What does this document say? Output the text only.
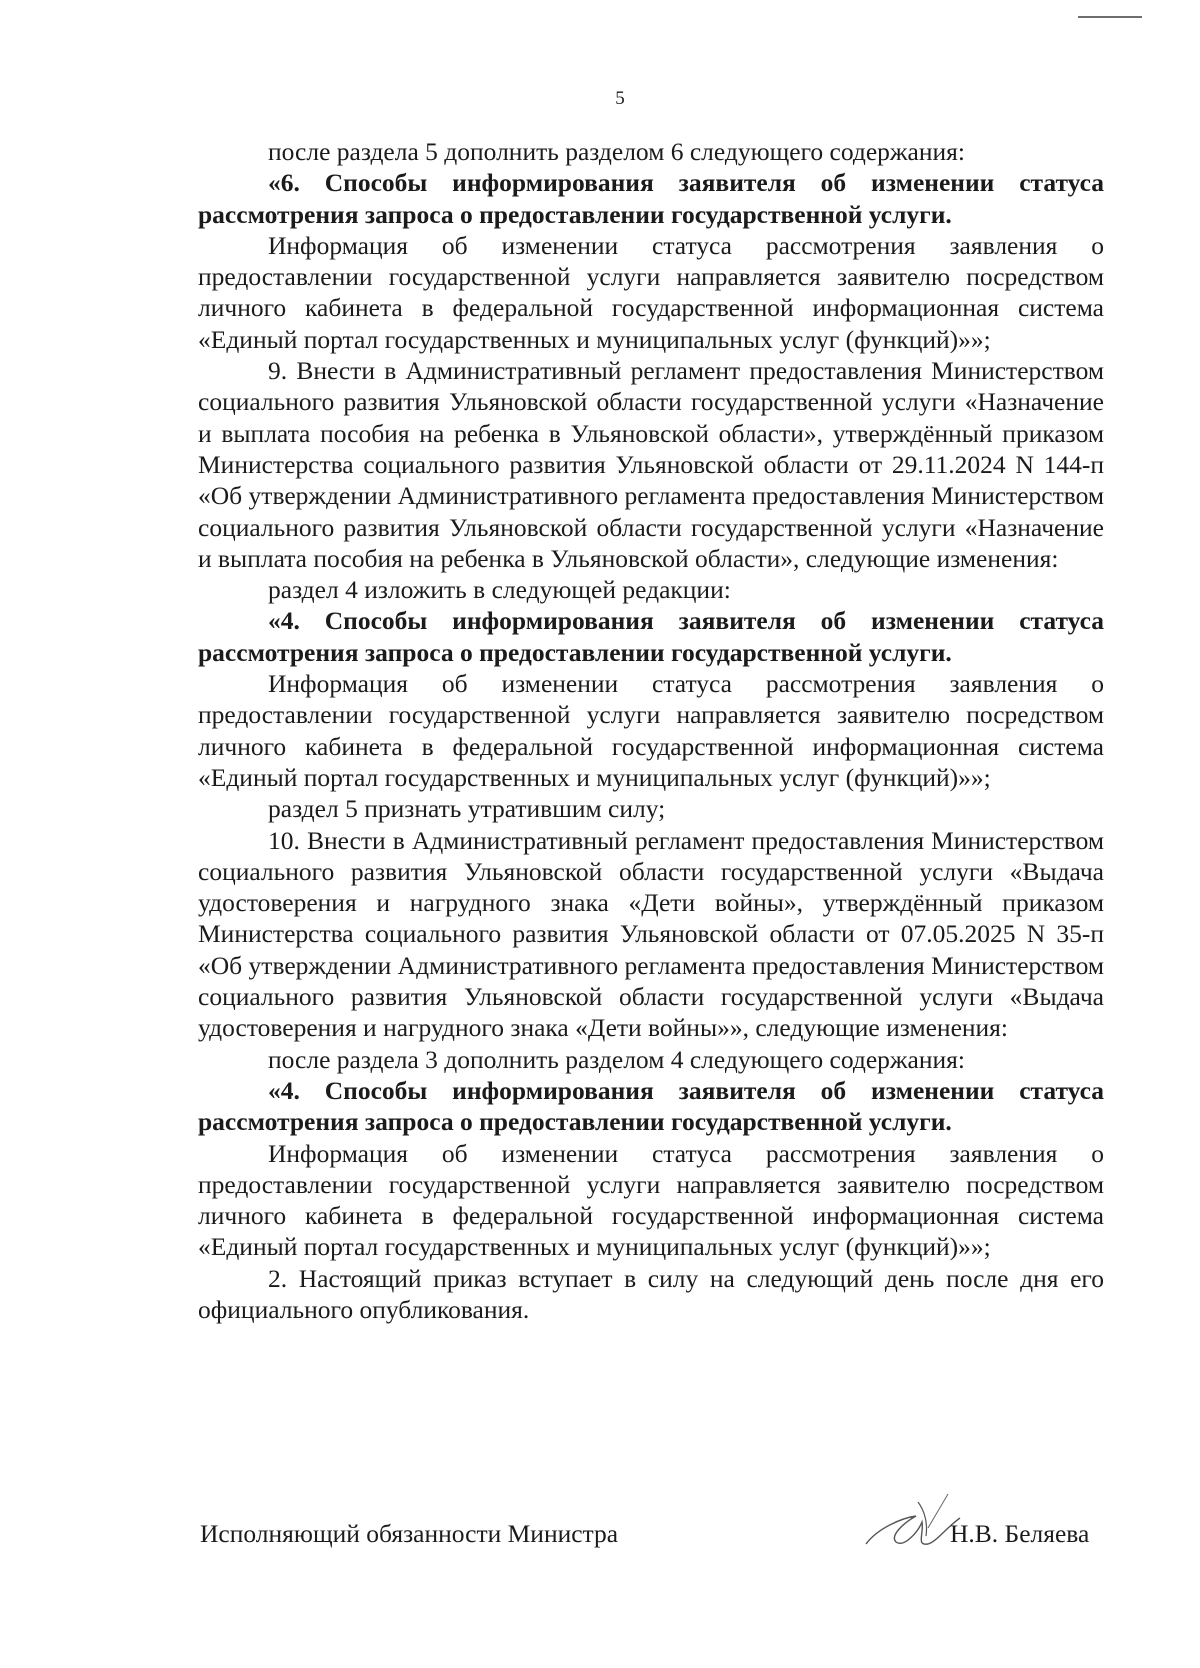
5

после раздела 5 дополнить разделом 6 следующего содержания:

«6. Способы информирования заявителя об изменении статуса рассмотрения запроса о предоставлении государственной услуги.

Информация об изменении статуса рассмотрения заявления о предоставлении государственной услуги направляется заявителю посредством личного кабинета в федеральной государственной информационная система «Единый портал государственных и муниципальных услуг (функций)»»;

9. Внести в Административный регламент предоставления Министерством социального развития Ульяновской области государственной услуги «Назначение и выплата пособия на ребенка в Ульяновской области», утверждённый приказом Министерства социального развития Ульяновской области от 29.11.2024 N 144-п «Об утверждении Административного регламента предоставления Министерством социального развития Ульяновской области государственной услуги «Назначение и выплата пособия на ребенка в Ульяновской области», следующие изменения:

раздел 4 изложить в следующей редакции:

«4. Способы информирования заявителя об изменении статуса рассмотрения запроса о предоставлении государственной услуги.

Информация об изменении статуса рассмотрения заявления о предоставлении государственной услуги направляется заявителю посредством личного кабинета в федеральной государственной информационная система «Единый портал государственных и муниципальных услуг (функций)»»;

раздел 5 признать утратившим силу;

10. Внести в Административный регламент предоставления Министерством социального развития Ульяновской области государственной услуги «Выдача удостоверения и нагрудного знака «Дети войны», утверждённый приказом Министерства социального развития Ульяновской области от 07.05.2025 N 35-п «Об утверждении Административного регламента предоставления Министерством социального развития Ульяновской области государственной услуги «Выдача удостоверения и нагрудного знака «Дети войны»», следующие изменения:

после раздела 3 дополнить разделом 4 следующего содержания:

«4. Способы информирования заявителя об изменении статуса рассмотрения запроса о предоставлении государственной услуги.

Информация об изменении статуса рассмотрения заявления о предоставлении государственной услуги направляется заявителю посредством личного кабинета в федеральной государственной информационная система «Единый портал государственных и муниципальных услуг (функций)»»;

2. Настоящий приказ вступает в силу на следующий день после дня его официального опубликования.

Исполняющий обязанности Министра	Н.В. Беляева
